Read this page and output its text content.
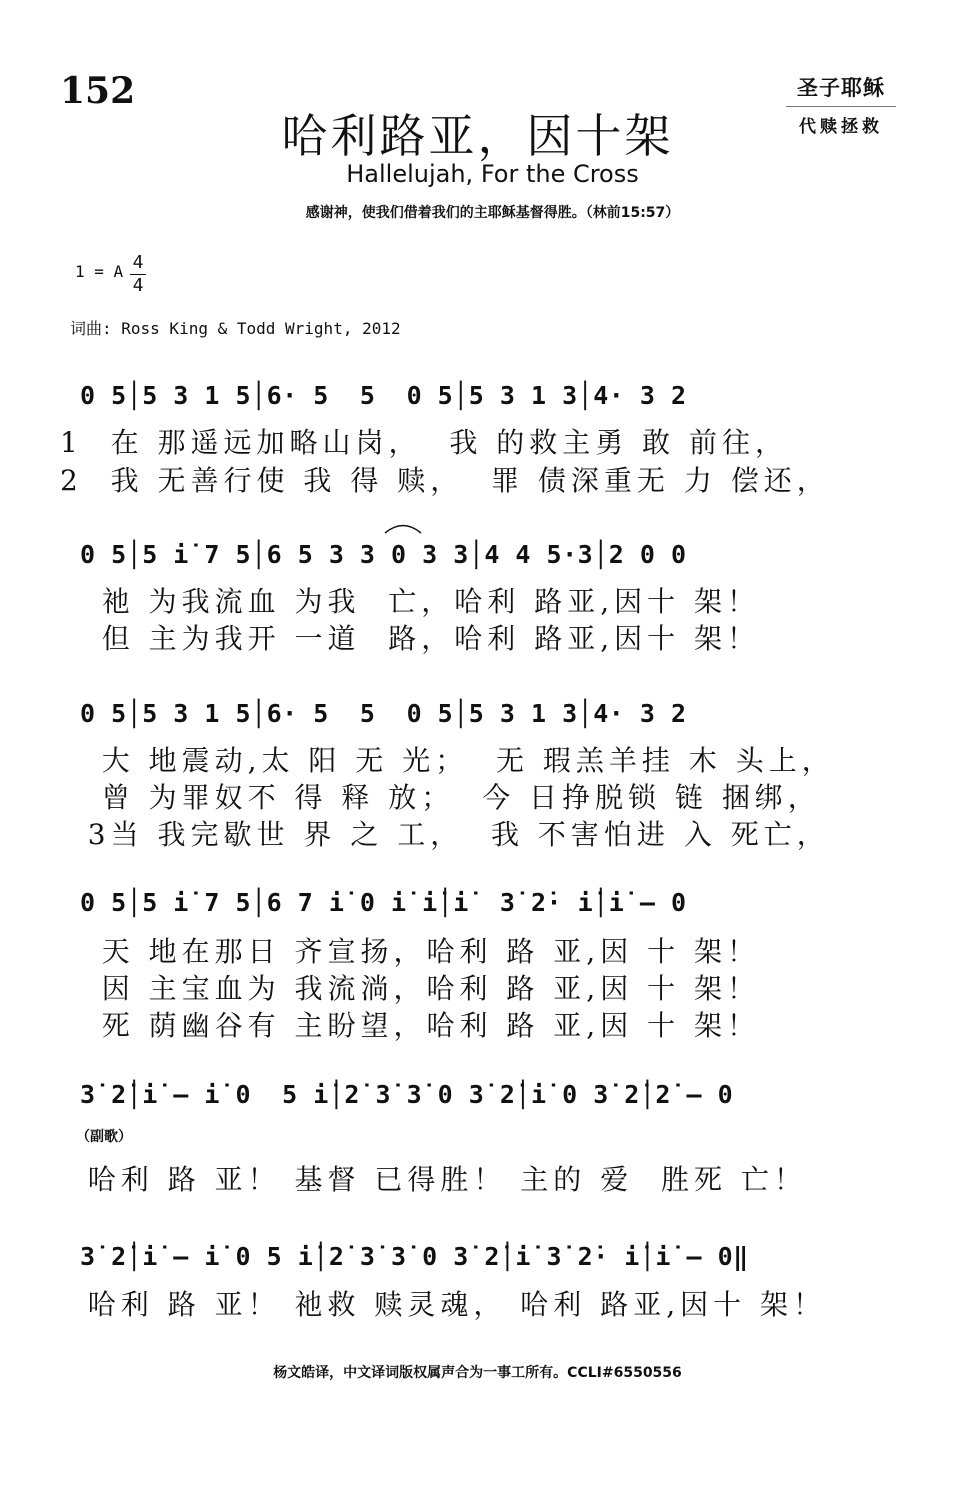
152	圣子耶稣
代赎拯救
哈利路亚，因十架
Hallelujah, For the Cross
感谢神，使我们借着我们的主耶稣基督得胜。（林前15:57）
1 = A 4
4
词曲: Ross King & Todd Wright, 2012
0 5│5 3 1 5│6· 5  5  0 5│5 3 1 3│4· 3 2
1  在 那遥远加略山岗，  我 的救主勇 敢 前往，
2  我 无善行使 我 得 赎，  罪 债深重无 力 偿还，
0 5│5 i̇ 7 5│6 5 3 3 0 3 3│4 4 5·3│2 0 0
祂 为我流血 为我  亡，哈利 路亚,因十 架！
但 主为我开 一道  路，哈利 路亚,因十 架！
0 5│5 3 1 5│6· 5  5  0 5│5 3 1 3│4· 3 2
大 地震动,太 阳 无 光；  无 瑕羔羊挂 木 头上，
曾 为罪奴不 得 释 放；  今 日挣脱锁 链 捆绑，
3当 我完歇世 界 之 工，  我 不害怕进 入 死亡，
0 5│5 i̇ 7 5│6 7 i̇ 0 i̇ i̇│i̇  3̇ 2̇· i̇│i̇ – 0
天 地在那日 齐宣扬，哈利 路 亚,因 十 架！
因 主宝血为 我流淌，哈利 路 亚,因 十 架！
死 荫幽谷有 主盼望，哈利 路 亚,因 十 架！
3̇ 2̇│i̇ – i̇ 0  5 i̇│2̇ 3̇ 3̇ 0 3̇ 2̇│i̇ 0 3̇ 2̇│2̇ – 0
（副歌）
哈利 路 亚！ 基督 已得胜！ 主的 爱  胜死 亡！
3̇ 2̇│i̇ – i̇ 0 5 i̇│2̇ 3̇ 3̇ 0 3̇ 2̇│i̇ 3̇ 2̇· i̇│i̇ – 0‖
哈利 路 亚！ 祂救 赎灵魂， 哈利 路亚,因十 架！
杨文皓译，中文译词版权属声合为一事工所有。CCLI#6550556
